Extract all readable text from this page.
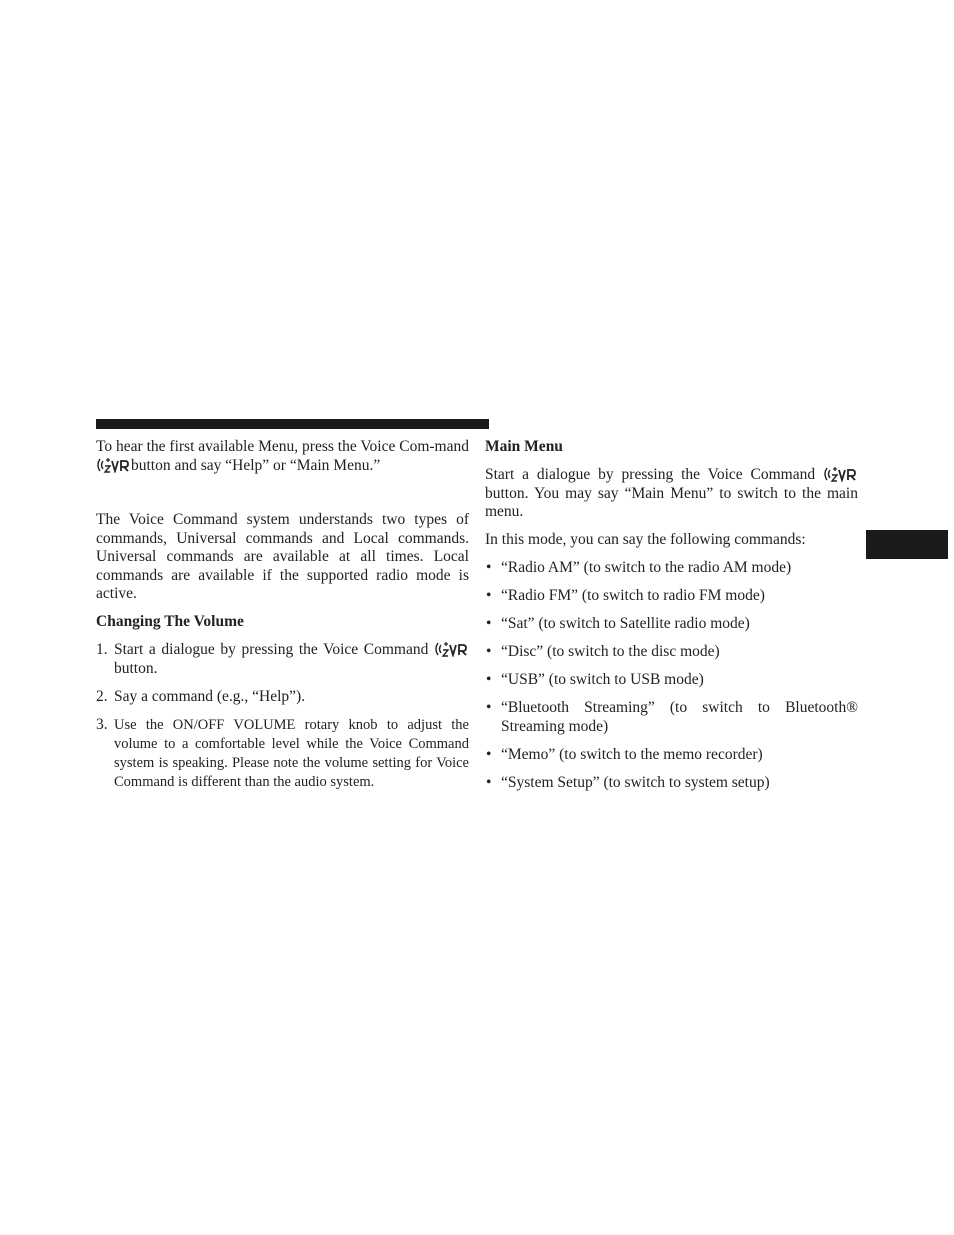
To hear the first available Menu, press the Voice Com-mand button and say “Help” or “Main Menu.”

The Voice Command system understands two types of commands, Universal commands and Local commands. Universal commands are available at all times. Local commands are available if the supported radio mode is active.

Changing The Volume
1. Start a dialogue by pressing the Voice Command button.
2. Say a command (e.g., “Help”).
3. Use the ON/OFF VOLUME rotary knob to adjust the volume to a comfortable level while the Voice Command system is speaking. Please note the volume setting for Voice Command is different than the audio system.
Main Menu

Start a dialogue by pressing the Voice Command button. You may say “Main Menu” to switch to the main menu.

In this mode, you can say the following commands:

• “Radio AM” (to switch to the radio AM mode)
• “Radio FM” (to switch to radio FM mode)
• “Sat” (to switch to Satellite radio mode)
• “Disc” (to switch to the disc mode)
• “USB” (to switch to USB mode)
• “Bluetooth Streaming” (to switch to Bluetooth® Streaming mode)
• “Memo” (to switch to the memo recorder)
• “System Setup” (to switch to system setup)
